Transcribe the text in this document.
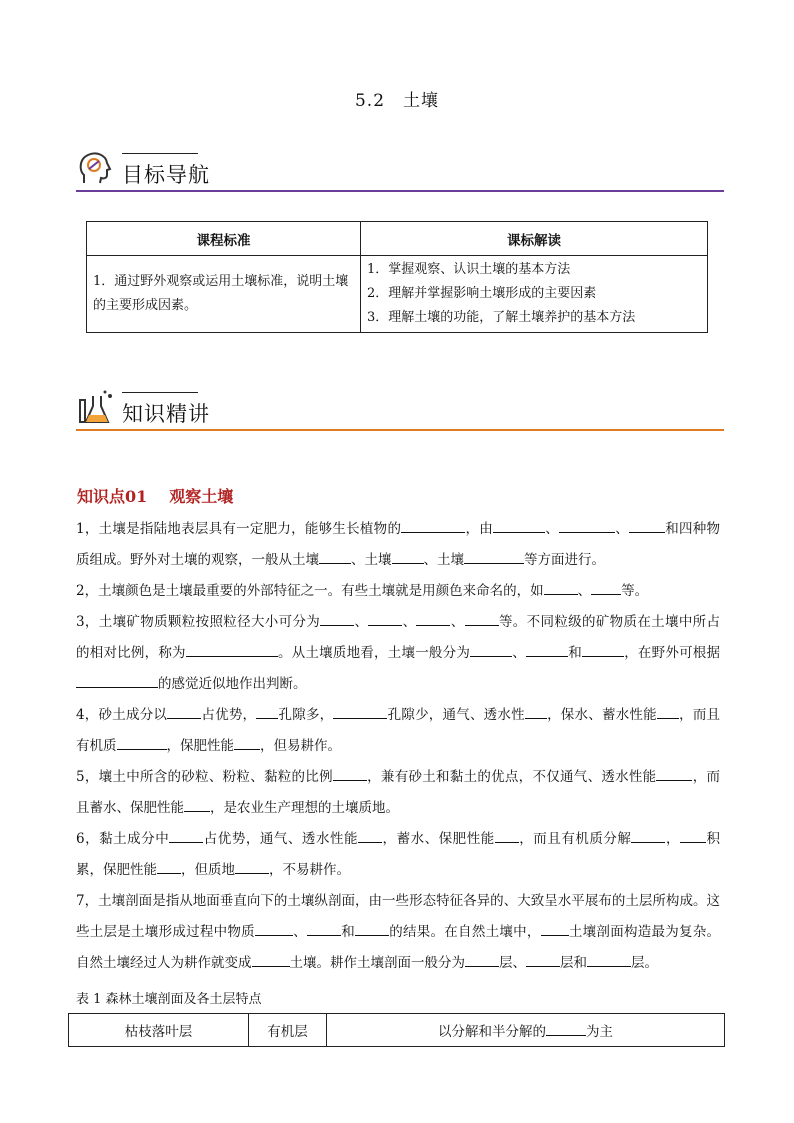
5.2　土壤
目标导航
课程标准	课标解读
1．通过野外观察或运用土壤标准，说明土壤的主要形成因素。	1．掌握观察、认识土壤的基本方法
2．理解并掌握影响土壤形成的主要因素
3．理解土壤的功能，了解土壤养护的基本方法
知识精讲
知识点01 观察土壤

1，土壤是指陆地表层具有一定肥力，能够生长植物的	，由	、	、	和四种物质组成。野外对土壤的观察，一般从土壤 、土壤 、土壤	等方面进行。

2，土壤颜色是土壤最重要的外部特征之一。有些土壤就是用颜色来命名的，如	、 等。

3，土壤矿物质颗粒按照粒径大小可分为	、	、	、	等。不同粒级的矿物质在土壤中所占的相对比例，称为	。从土壤质地看，土壤一般分为	、	和	，在野外可根据的感觉近似地作出判断。

4，砂土成分以	占优势， 孔隙多，	孔隙少，通气、透水性 ，保水、蓄水性能 ，而且有机质	，保肥性能 ，但易耕作。

5，壤土中所含的砂粒、粉粒、黏粒的比例	，兼有砂土和黏土的优点，不仅通气、透水性能	，而且蓄水、保肥性能 ，是农业生产理想的土壤质地。

6，黏土成分中	占优势，通气、透水性能 ，蓄水、保肥性能 ，而且有机质分解	， 积累，保肥性能 ，但质地	，不易耕作。

7，土壤剖面是指从地面垂直向下的土壤纵剖面，由一些形态特征各异的、大致呈水平展布的土层所构成。这些土层是土壤形成过程中物质	、	和	的结果。在自然土壤中， 土壤剖面构造最为复杂。自然土壤经过人为耕作就变成	土壤。耕作土壤剖面一般分为	层、	层和	层。

表 1 森林土壤剖面及各土层特点
枯枝落叶层	有机层	以分解和半分解的	为主
